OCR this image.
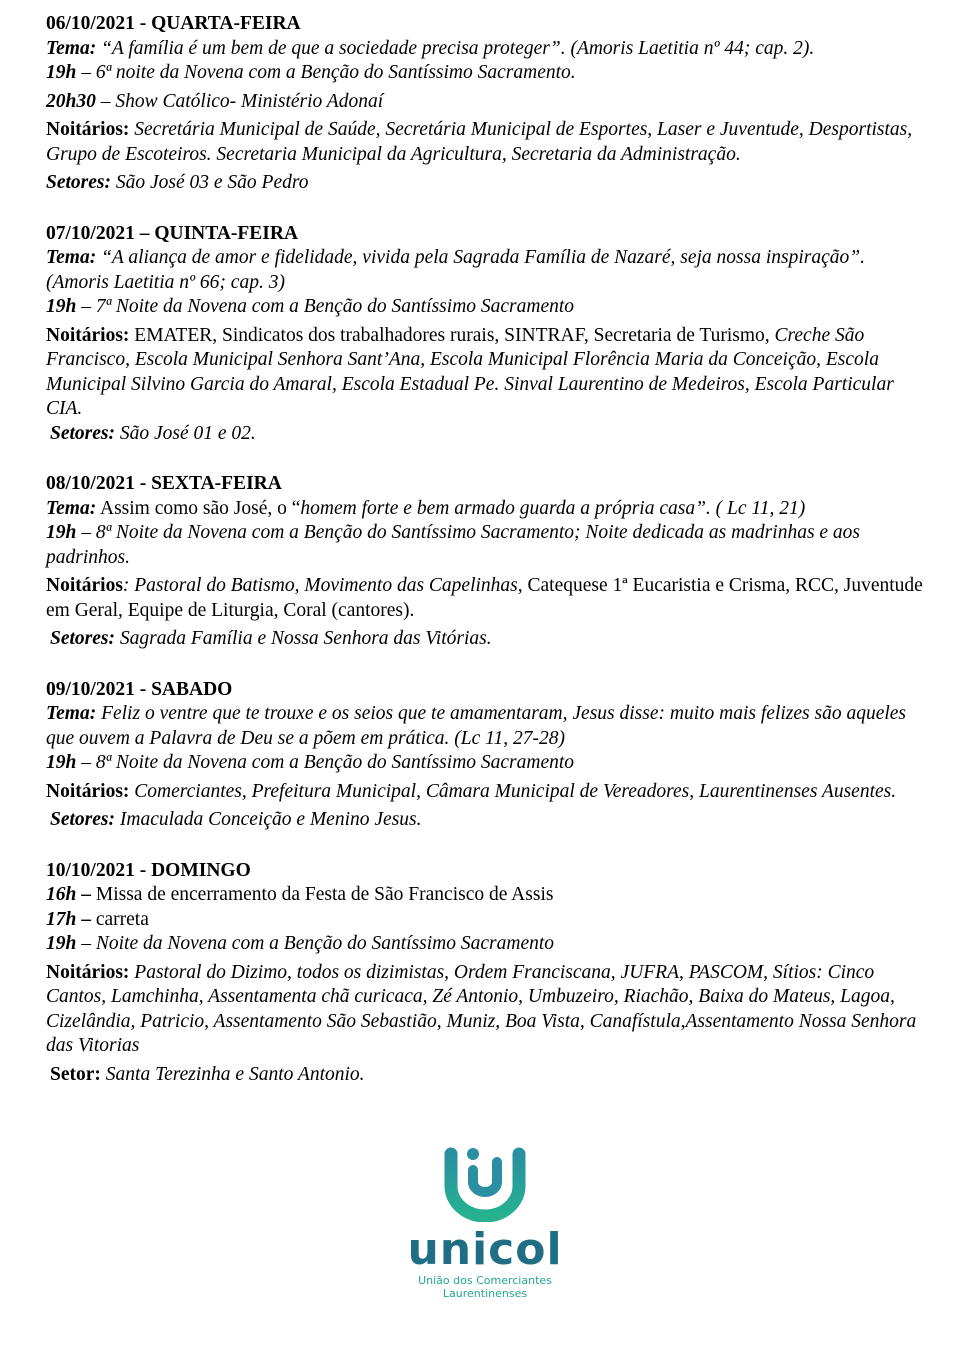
06/10/2021 - QUARTA-FEIRA
Tema: “A família é um bem de que a sociedade precisa proteger”. (Amoris Laetitia nº 44; cap. 2).
19h – 6ª noite da Novena com a Benção do Santíssimo Sacramento.
20h30 – Show Católico- Ministério Adonaí
Noitários: Secretária Municipal de Saúde, Secretária Municipal de Esportes, Laser e Juventude, Desportistas, Grupo de Escoteiros. Secretaria Municipal da Agricultura, Secretaria da Administração.
Setores: São José 03 e São Pedro
07/10/2021 – QUINTA-FEIRA
Tema: “A aliança de amor e fidelidade, vivida pela Sagrada Família de Nazaré, seja nossa inspiração”. (Amoris Laetitia nº 66; cap. 3)
19h – 7ª Noite da Novena com a Benção do Santíssimo Sacramento
Noitários: EMATER, Sindicatos dos trabalhadores rurais, SINTRAF, Secretaria de Turismo, Creche São Francisco, Escola Municipal Senhora Sant’Ana, Escola Municipal Florência Maria da Conceição, Escola Municipal Silvino Garcia do Amaral, Escola Estadual Pe. Sinval Laurentino de Medeiros, Escola Particular CIA.
Setores: São José 01 e 02.
08/10/2021 - SEXTA-FEIRA
Tema: Assim como são José, o “homem forte e bem armado guarda a própria casa”. ( Lc 11, 21)
19h – 8ª Noite da Novena com a Benção do Santíssimo Sacramento; Noite dedicada as madrinhas e aos padrinhos.
Noitários: Pastoral do Batismo, Movimento das Capelinhas, Catequese 1ª Eucaristia e Crisma, RCC, Juventude em Geral, Equipe de Liturgia, Coral (cantores).
Setores: Sagrada Família e Nossa Senhora das Vitórias.
09/10/2021 - SABADO
Tema: Feliz o ventre que te trouxe e os seios que te amamentaram, Jesus disse: muito mais felizes são aqueles que ouvem a Palavra de Deu se a põem em prática. (Lc 11, 27-28)
19h – 8ª Noite da Novena com a Benção do Santíssimo Sacramento
Noitários: Comerciantes, Prefeitura Municipal, Câmara Municipal de Vereadores, Laurentinenses Ausentes.
Setores: Imaculada Conceição e Menino Jesus.
10/10/2021 - DOMINGO
16h – Missa de encerramento da Festa de São Francisco de Assis
17h – carreta
19h – Noite da Novena com a Benção do Santíssimo Sacramento
Noitários: Pastoral do Dizimo, todos os dizimistas, Ordem Franciscana, JUFRA, PASCOM, Sítios: Cinco Cantos, Lamchinha, Assentamenta chã curicaca, Zé Antonio, Umbuzeiro, Riachão, Baixa do Mateus, Lagoa, Cizelândia, Patricio, Assentamento São Sebastião, Muniz, Boa Vista, Canafístula,Assentamento Nossa Senhora das Vitorias
Setor: Santa Terezinha e Santo Antonio.
unicol
União dos Comerciantes
Laurentinenses
